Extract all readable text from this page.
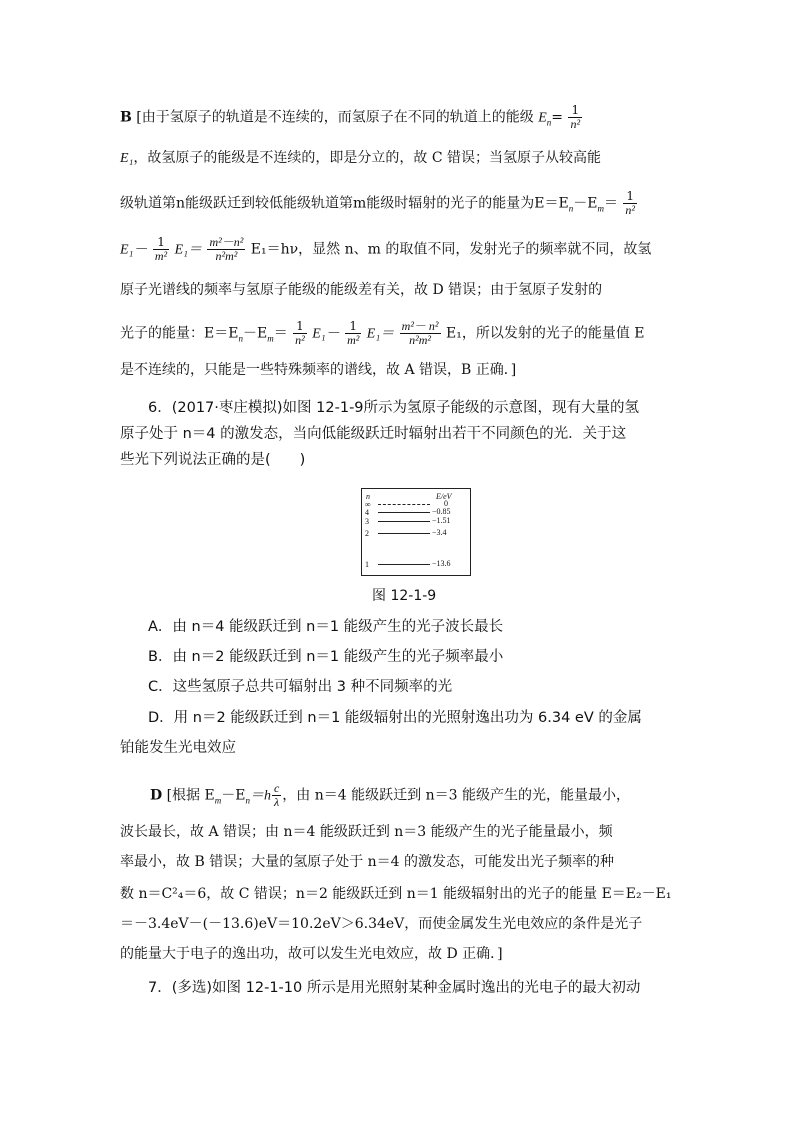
B [由于氢原子的轨道是不连续的，而氢原子在不同的轨道上的能级 $E_n= \frac{1}{\text{n²}}$
E₁，故氢原子的能级是不连续的，即是分立的，故 C 错误；当氢原子从较高能
级轨道第n能级跃迁到较低能级轨道第m能级时辐射的光子的能量为$E=E_n-E_m= \frac{1}{\text{n²}}$
$E_1- \frac{1}{\text{m²}} E_1= \frac{\text{m²－n²}}{\text{n²m²}} E_1=h\nu$，显然 n、m 的取值不同，发射光子的频率就不同，故氢
原子光谱线的频率与氢原子能级的能级差有关，故 D 错误；由于氢原子发射的
光子的能量：$E=E_n-E_m= \frac{1}{\text{n²}} E_1- \frac{1}{\text{m²}} E_1= \frac{\text{m²－ n²}}{\text{n²m²}} E_1$，所以发射的光子的能量值 E
是不连续的，只能是一些特殊频率的谱线，故 A 错误，B 正确．]
6．(2017·枣庄模拟)如图 12-1-9所示为氢原子能级的示意图，现有大量的氢
原子处于 n＝4 的激发态，当向低能级跃迁时辐射出若干不同颜色的光．关于这
些光下列说法正确的是(　　)
n	E/eV
∞	0
4	−0.85
3	−1.51
2	−3.4
1	−13.6
图 12-1-9
A．由 n＝4 能级跃迁到 n＝1 能级产生的光子波长最长
B．由 n＝2 能级跃迁到 n＝1 能级产生的光子频率最小
C．这些氢原子总共可辐射出 3 种不同频率的光
D．用 n＝2 能级跃迁到 n＝1 能级辐射出的光照射逸出功为 6.34 eV 的金属
铂能发生光电效应
D [根据 $E_m-E_n=h \frac{c}{\lambda}$ ，由 n＝4 能级跃迁到 n＝3 能级产生的光，能量最小，
波长最长，故 A 错误；由 n＝4 能级跃迁到 n＝3 能级产生的光子能量最小，频
率最小，故 B 错误；大量的氢原子处于 n＝4 的激发态，可能发出光子频率的种
数 n＝C²₄＝6，故 C 错误；n＝2 能级跃迁到 n＝1 能级辐射出的光子的能量 E＝E₂－E₁
＝－3.4eV－(－13.6)eV＝10.2eV＞6.34eV，而使金属发生光电效应的条件是光子
的能量大于电子的逸出功，故可以发生光电效应，故 D 正确．]
7．(多选)如图 12-1-10 所示是用光照射某种金属时逸出的光电子的最大初动
